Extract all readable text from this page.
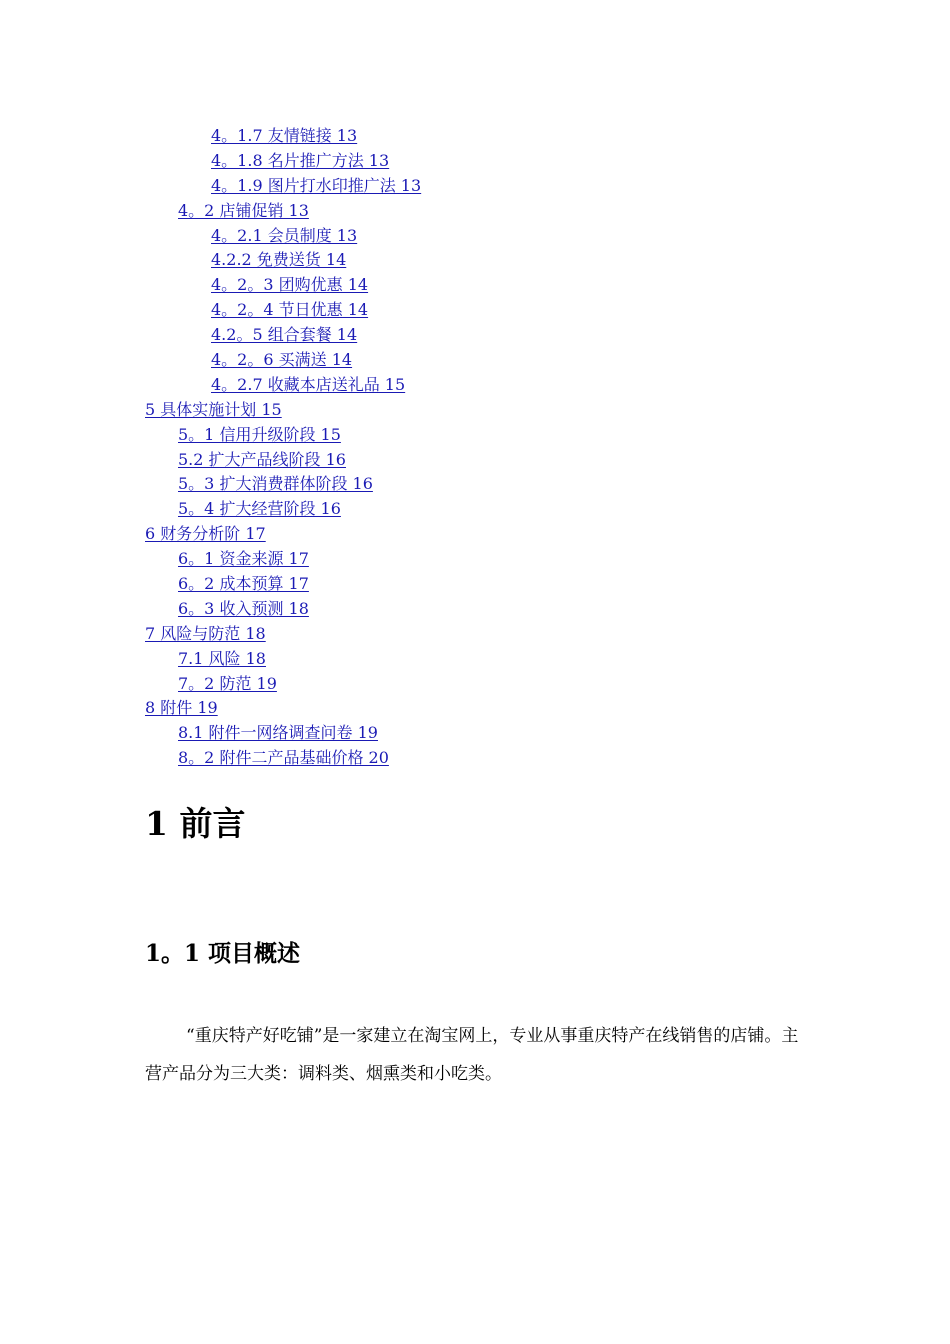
4。1.7 友情链接 13
4。1.8 名片推广方法 13
4。1.9 图片打水印推广法 13
4。2 店铺促销 13
4。2.1 会员制度 13
4.2.2 免费送货 14
4。2。3 团购优惠 14
4。2。4 节日优惠 14
4.2。5 组合套餐 14
4。2。6 买满送 14
4。2.7 收藏本店送礼品 15
5 具体实施计划 15
5。1 信用升级阶段 15
5.2 扩大产品线阶段 16
5。3 扩大消费群体阶段 16
5。4 扩大经营阶段 16
6 财务分析阶 17
6。1 资金来源 17
6。2 成本预算 17
6。3 收入预测 18
7 风险与防范 18
7.1 风险 18
7。2 防范 19
8 附件 19
8.1 附件一网络调查问卷 19
8。2 附件二产品基础价格 20
1 前言
1。1 项目概述

“重庆特产好吃铺”是一家建立在淘宝网上，专业从事重庆特产在线销售的店铺。主营产品分为三大类：调料类、烟熏类和小吃类。
